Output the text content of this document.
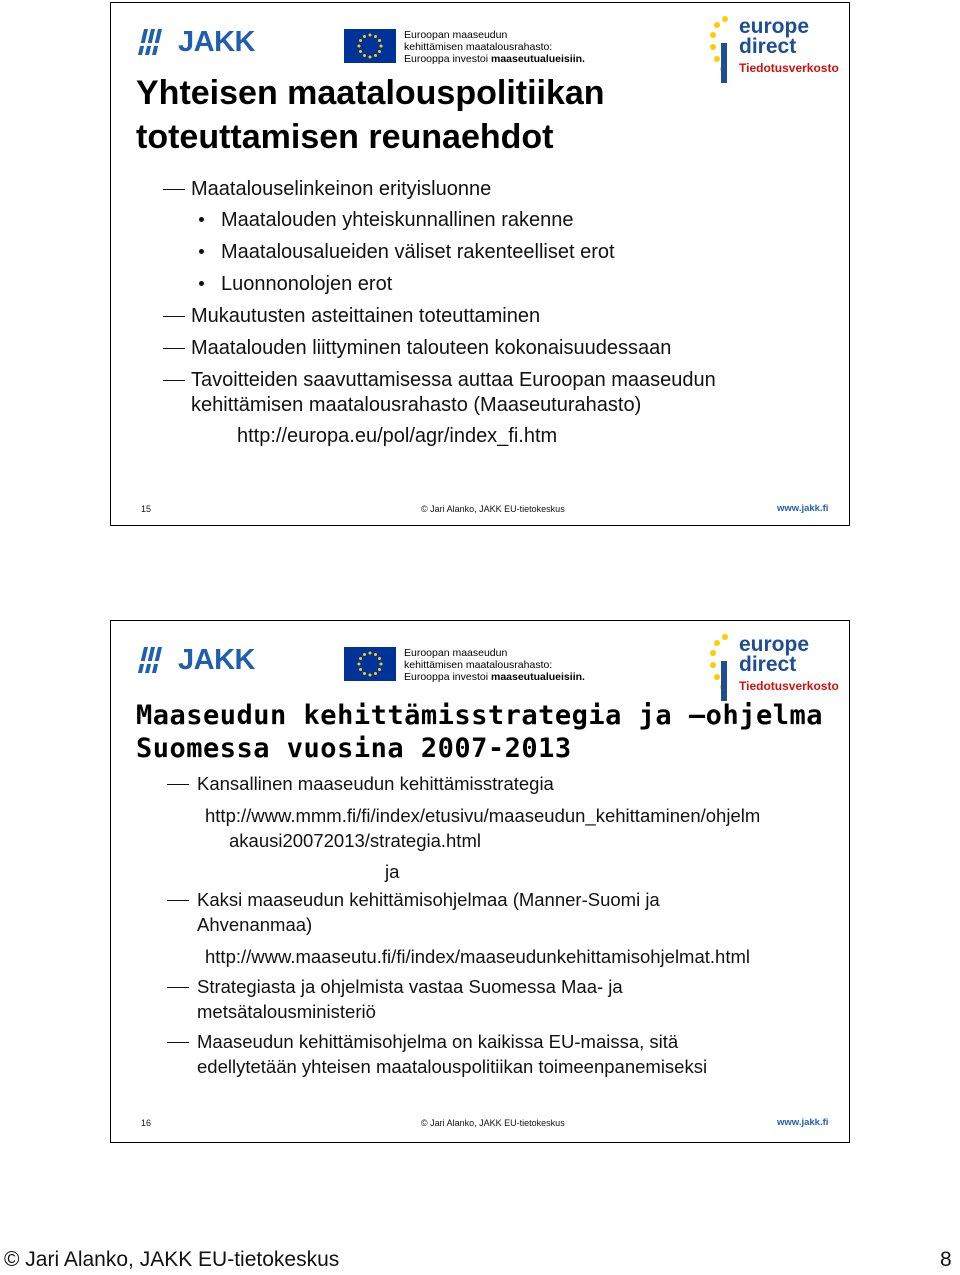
JAKK	Euroopan maaseudun
kehittämisen maatalousrahasto:
Eurooppa investoi maaseutualueisiin.
europe
direct
Tiedotusverkosto
Yhteisen maatalouspolitiikan
toteuttamisen reunaehdot
Maatalouselinkeinon erityisluonne
Maatalouden yhteiskunnallinen rakenne
Maatalousalueiden väliset rakenteelliset erot
Luonnonolojen erot
Mukautusten asteittainen toteuttaminen
Maatalouden liittyminen talouteen kokonaisuudessaan
Tavoitteiden saavuttamisessa auttaa Euroopan maaseudun
kehittämisen maatalousrahasto (Maaseuturahasto)
http://europa.eu/pol/agr/index_fi.htm
15	© Jari Alanko, JAKK EU-tietokeskus	www.jakk.fi
JAKK	Euroopan maaseudun
kehittämisen maatalousrahasto:
Eurooppa investoi maaseutualueisiin.
europe
direct
Tiedotusverkosto
Maaseudun kehittämisstrategia ja –ohjelma
Suomessa vuosina 2007-2013
Kansallinen maaseudun kehittämisstrategia
http://www.mmm.fi/fi/index/etusivu/maaseudun_kehittaminen/ohjelm
akausi20072013/strategia.html
ja
Kaksi maaseudun kehittämisohjelmaa (Manner-Suomi ja
Ahvenanmaa)
http://www.maaseutu.fi/fi/index/maaseudunkehittamisohjelmat.html
Strategiasta ja ohjelmista vastaa Suomessa Maa- ja
metsätalousministeriö
Maaseudun kehittämisohjelma on kaikissa EU-maissa, sitä
edellytetään yhteisen maatalouspolitiikan toimeenpanemiseksi
16	© Jari Alanko, JAKK EU-tietokeskus	www.jakk.fi
© Jari Alanko, JAKK EU-tietokeskus	8
